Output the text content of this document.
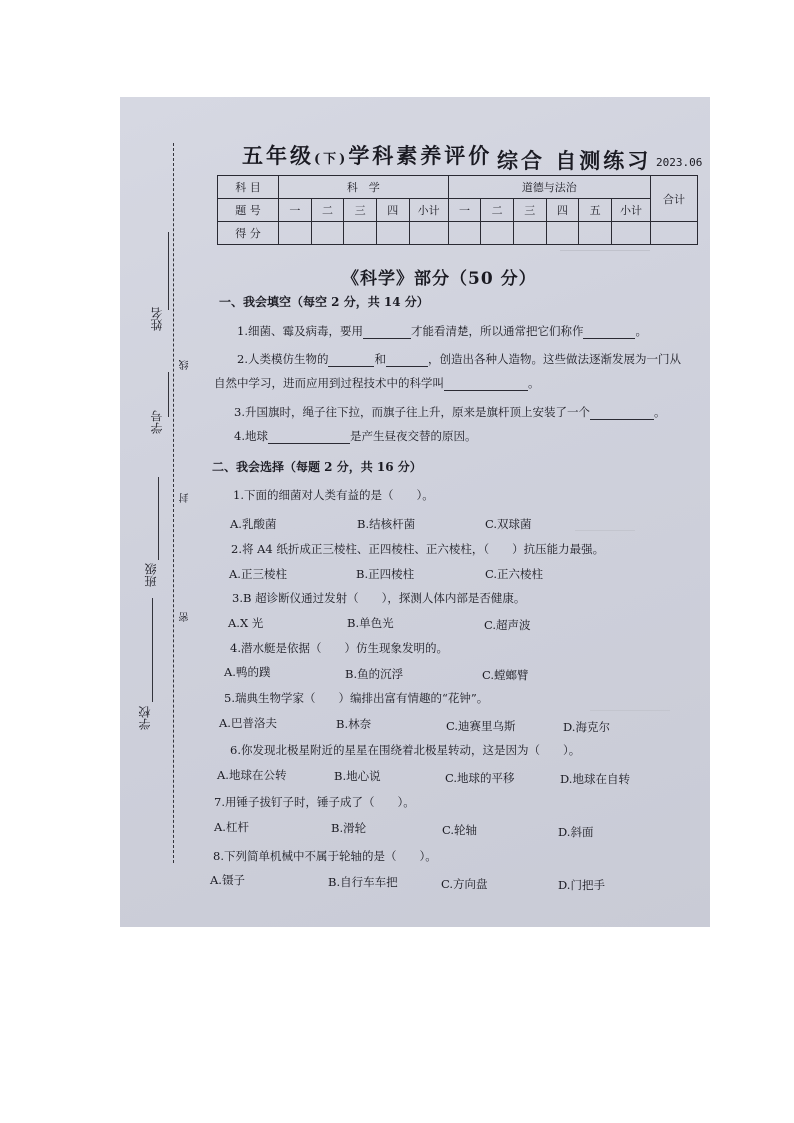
五年级(下)学科素养评价 综合 自测练习 2023.06
科 目	科　学					道德与法治						合计
题 号	一	二	三	四	小计	一	二	三	四	五	小计	
得 分												
姓名
线
学号
封
班级
密
学校
《科学》部分（50 分）
一、我会填空（每空 2 分，共 14 分）
1.细菌、霉及病毒，要用	才能看清楚，所以通常把它们称作	。
2.人类模仿生物的	和	，创造出各种人造物。这些做法逐渐发展为一门从
自然中学习，进而应用到过程技术中的科学叫	。
3.升国旗时，绳子往下拉，而旗子往上升，原来是旗杆顶上安装了一个	。
4.地球	是产生昼夜交替的原因。
二、我会选择（每题 2 分，共 16 分）
1.下面的细菌对人类有益的是（　　）。
A.乳酸菌	B.结核杆菌	C.双球菌
2.将 A4 纸折成正三棱柱、正四棱柱、正六棱柱，（　　）抗压能力最强。
A.正三棱柱	B.正四棱柱	C.正六棱柱
3.B 超诊断仪通过发射（　　），探测人体内部是否健康。
A.X 光	B.单色光	C.超声波
4.潜水艇是依据（　　）仿生现象发明的。
A.鸭的蹼	B.鱼的沉浮	C.螳螂臂
5.瑞典生物学家（　　）编排出富有情趣的“花钟”。
A.巴普洛夫	B.林奈	C.迪赛里乌斯	D.海克尔
6.你发现北极星附近的星星在围绕着北极星转动，这是因为（　　）。
A.地球在公转	B.地心说	C.地球的平移	D.地球在自转
7.用锤子拔钉子时，锤子成了（　　）。
A.杠杆	B.滑轮	C.轮轴	D.斜面
8.下列简单机械中不属于轮轴的是（　　）。
A.镊子	B.自行车车把	C.方向盘	D.门把手
